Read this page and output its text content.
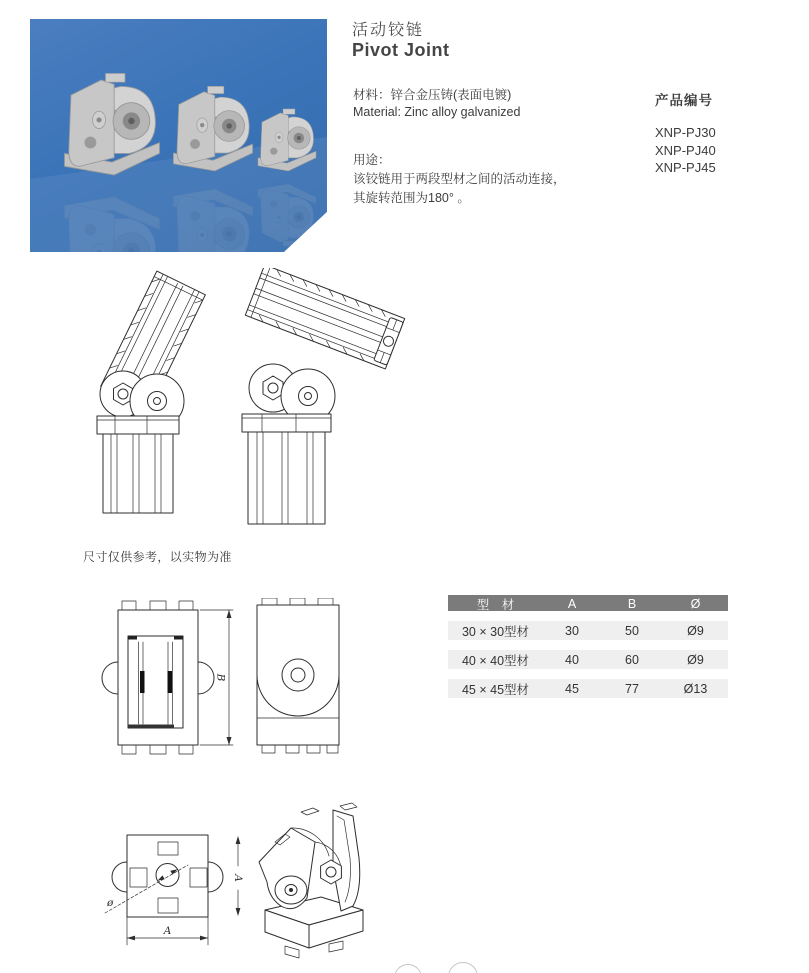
活动铰链
Pivot Joint
材料：锌合金压铸(表面电镀)
Material: Zinc alloy galvanized
用途：
该铰链用于两段型材之间的活动连接，
其旋转范围为180° 。
产品编号
XNP-PJ30
XNP-PJ40
XNP-PJ45
尺寸仅供参考，以实物为准
B
型　材	A	B	Ø
30 × 30型材	30	50	Ø9
40 × 40型材	40	60	Ø9
45 × 45型材	45	77	Ø13
ø
A
A
